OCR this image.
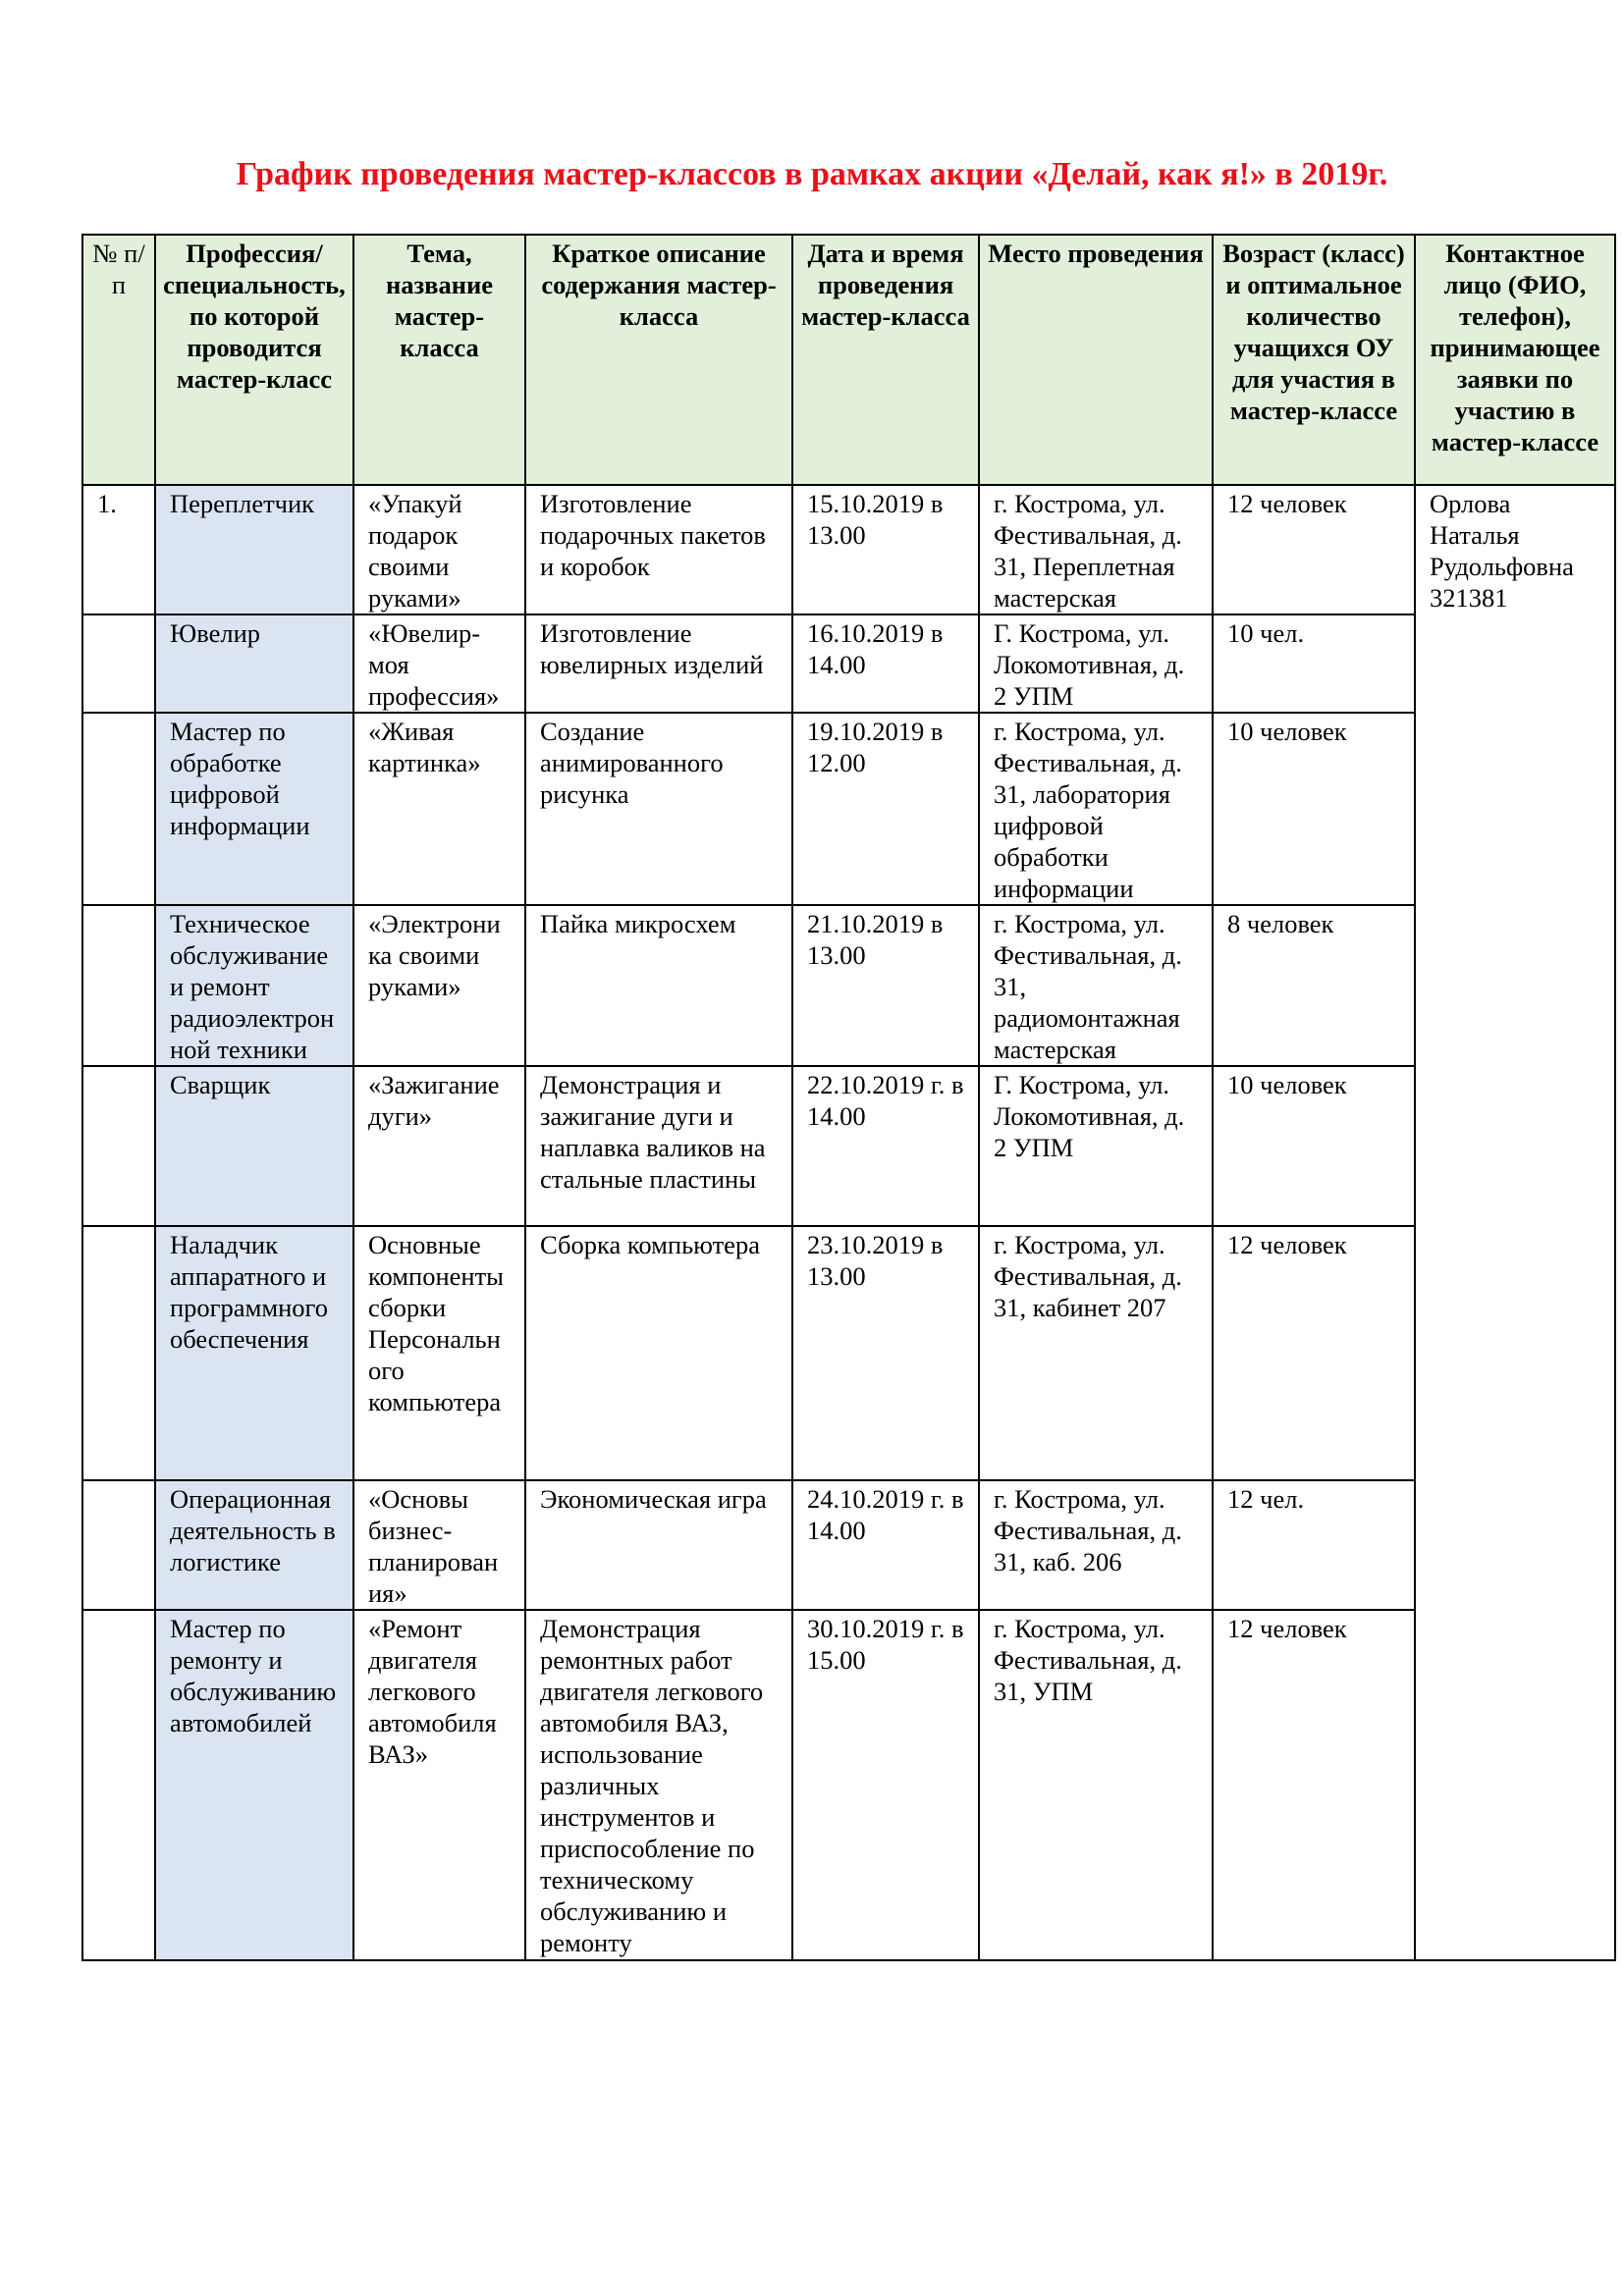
График проведения мастер-классов в рамках акции «Делай, как я!» в 2019г.
№ п/п	Профессия/специальность, по которой проводится мастер-класс	Тема, название мастер-класса	Краткое описание содержания мастер-класса	Дата и время проведения мастер-класса	Место проведения	Возраст (класс) и оптимальное количество учащихся ОУ для участия в мастер-классе	Контактное лицо (ФИО, телефон), принимающее заявки по участию в мастер-классе
1.	Переплетчик	«Упакуй подарок своими руками»	Изготовление подарочных пакетов и коробок	15.10.2019 в 13.00	г. Кострома, ул. Фестивальная, д. 31, Переплетная мастерская	12 человек	Орлова Наталья Рудольфовна 321381
	Ювелир	«Ювелир-моя профессия»	Изготовление ювелирных изделий	16.10.2019 в 14.00	Г. Кострома, ул. Локомотивная, д. 2 УПМ	10 чел.	
	Мастер по обработке цифровой информации	«Живая картинка»	Создание анимированного рисунка	19.10.2019 в 12.00	г. Кострома, ул. Фестивальная, д. 31, лаборатория цифровой обработки информации	10 человек	
	Техническое обслуживание и ремонт радиоэлектронной техники	«Электроника своими руками»	Пайка микросхем	21.10.2019 в 13.00	г. Кострома, ул. Фестивальная, д. 31, радиомонтажная мастерская	8 человек	
	Сварщик	«Зажигание дуги»	Демонстрация и зажигание дуги и наплавка валиков на стальные пластины	22.10.2019 г. в 14.00	Г. Кострома, ул. Локомотивная, д. 2 УПМ	10 человек	
	Наладчик аппаратного и программного обеспечения	Основные компоненты сборки Персонального компьютера	Сборка компьютера	23.10.2019 в 13.00	г. Кострома, ул. Фестивальная, д. 31, кабинет 207	12 человек	
	Операционная деятельность в логистике	«Основы бизнес-планирования»	Экономическая игра	24.10.2019 г. в 14.00	г. Кострома, ул. Фестивальная, д. 31, каб. 206	12 чел.	
	Мастер по ремонту и обслуживанию автомобилей	«Ремонт двигателя легкового автомобиля ВАЗ»	Демонстрация ремонтных работ двигателя легкового автомобиля ВАЗ, использование различных инструментов и приспособление по техническому обслуживанию и ремонту	30.10.2019 г. в 15.00	г. Кострома, ул. Фестивальная, д. 31, УПМ	12 человек	
